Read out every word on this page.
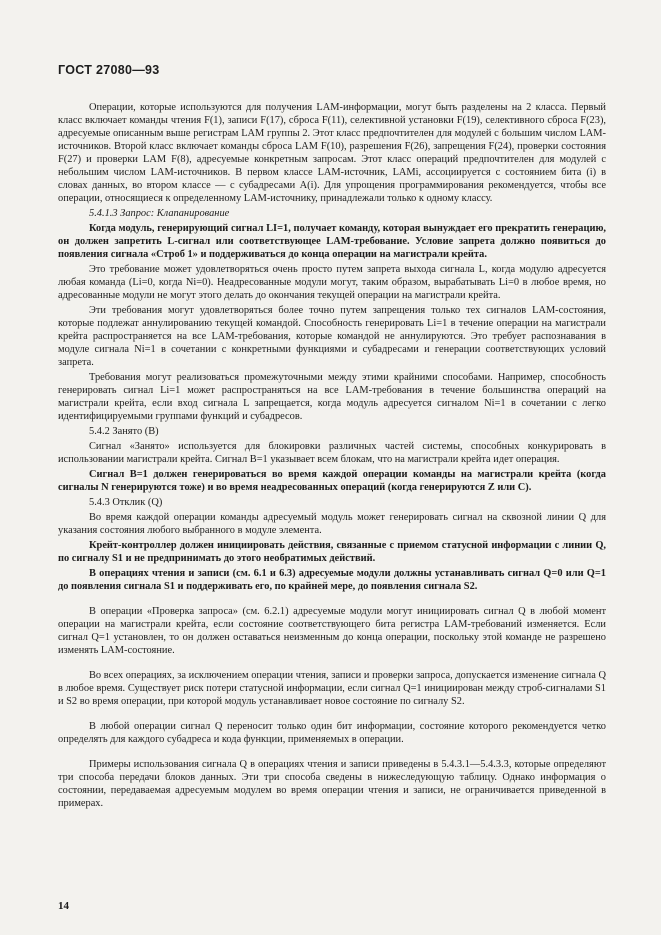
ГОСТ 27080—93

Операции, которые используются для получения LAM-информации, могут быть разделены на 2 класса. Первый класс включает команды чтения F(1), записи F(17), сброса F(11), селективной установки F(19), селективного сброса F(23), адресуемые описанным выше регистрам LAM группы 2. Этот класс предпочтителен для модулей с большим числом LAM-источников. Второй класс включает команды сброса LAM F(10), разрешения F(26), запрещения F(24), проверки состояния F(27) и проверки LAM F(8), адресуемые конкретным запросам. Этот класс операций предпочтителен для модулей с небольшим числом LAM-источников. В первом классе LAM-источник, LAMi, ассоциируется с состоянием бита (i) в словах данных, во втором классе — с субадресами A(i). Для упрощения программирования рекомендуется, чтобы все операции, относящиеся к определенному LAM-источнику, принадлежали только к одному классу.

5.4.1.3 Запрос: Клапанирование

Когда модуль, генерирующий сигнал LI=1, получает команду, которая вынуждает его прекратить генерацию, он должен запретить L-сигнал или соответствующее LAM-требование. Условие запрета должно появиться до появления сигнала «Строб 1» и поддерживаться до конца операции на магистрали крейта.

Это требование может удовлетворяться очень просто путем запрета выхода сигнала L, когда модулю адресуется любая команда (Li=0, когда Ni=0). Неадресованные модули могут, таким образом, вырабатывать Li=0 в любое время, но адресованные модули не могут этого делать до окончания текущей операции на магистрали крейта.

Эти требования могут удовлетворяться более точно путем запрещения только тех сигналов LAM-состояния, которые подлежат аннулированию текущей командой. Способность генерировать Li=1 в течение операции на магистрали крейта распространяется на все LAM-требования, которые командой не аннулируются. Это требует распознавания в модуле сигнала Ni=1 в сочетании с конкретными функциями и субадресами и генерации соответствующих условий запрета.

Требования могут реализоваться промежуточными между этими крайними способами. Например, способность генерировать сигнал Li=1 может распространяться на все LAM-требования в течение большинства операций на магистрали крейта, если вход сигнала L запрещается, когда модуль адресуется сигналом Ni=1 в сочетании с легко идентифицируемыми группами функций и субадресов.

5.4.2 Занято (B)

Сигнал «Занято» используется для блокировки различных частей системы, способных конкурировать в использовании магистрали крейта. Сигнал B=1 указывает всем блокам, что на магистрали крейта идет операция.

Сигнал B=1 должен генерироваться во время каждой операции команды на магистрали крейта (когда сигналы N генерируются тоже) и во время неадресованных операций (когда генерируются Z или C).

5.4.3 Отклик (Q)

Во время каждой операции команды адресуемый модуль может генерировать сигнал на сквозной линии Q для указания состояния любого выбранного в модуле элемента.

Крейт-контроллер должен инициировать действия, связанные с приемом статусной информации с линии Q, по сигналу S1 и не предпринимать до этого необратимых действий.

В операциях чтения и записи (см. 6.1 и 6.3) адресуемые модули должны устанавливать сигнал Q=0 или Q=1 до появления сигнала S1 и поддерживать его, по крайней мере, до появления сигнала S2.

В операции «Проверка запроса» (см. 6.2.1) адресуемые модули могут инициировать сигнал Q в любой момент операции на магистрали крейта, если состояние соответствующего бита регистра LAM-требований изменяется. Если сигнал Q=1 установлен, то он должен оставаться неизменным до конца операции, поскольку этой команде не разрешено изменять LAM-состояние.

Во всех операциях, за исключением операции чтения, записи и проверки запроса, допускается изменение сигнала Q в любое время. Существует риск потери статусной информации, если сигнал Q=1 инициирован между строб-сигналами S1 и S2 во время операции, при которой модуль устанавливает новое состояние по сигналу S2.

В любой операции сигнал Q переносит только один бит информации, состояние которого рекомендуется четко определять для каждого субадреса и кода функции, применяемых в операции.

Примеры использования сигнала Q в операциях чтения и записи приведены в 5.4.3.1—5.4.3.3, которые определяют три способа передачи блоков данных. Эти три способа сведены в нижеследующую таблицу. Однако информация о состоянии, передаваемая адресуемым модулем во время операции чтения и записи, не ограничивается приведенной в примерах.

14
